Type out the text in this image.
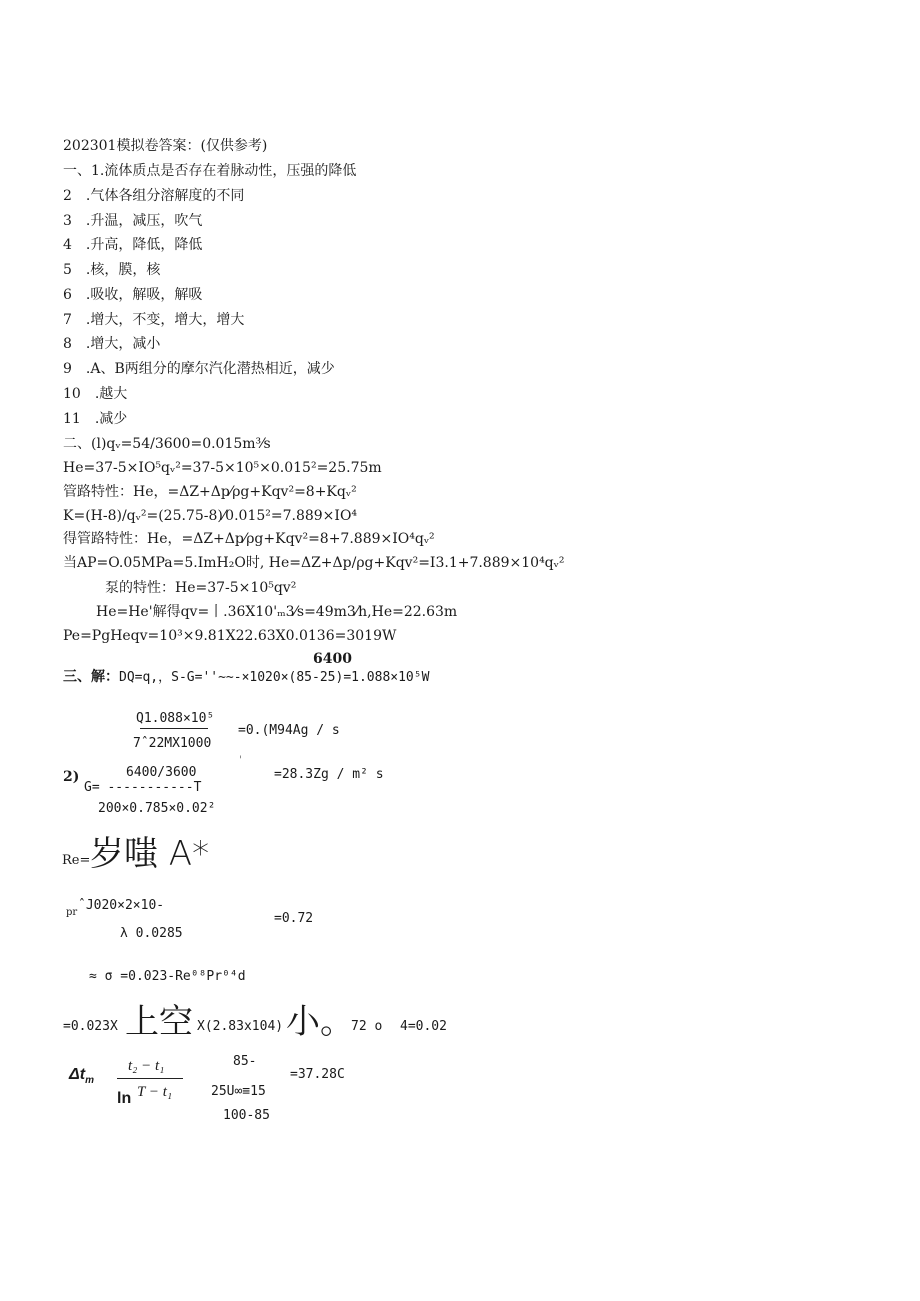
202301模拟卷答案：(仅供参考)
一、1.流体质点是否存在着脉动性，压强的降低
2　.气体各组分溶解度的不同
3　.升温，减压，吹气
4　.升高，降低，降低
5　.核，膜，核
6　.吸收，解吸，解吸
7　.增大，不变，增大，增大
8　.增大，减小
9　.A、B两组分的摩尔汽化潜热相近，减少
10　.越大
11　.减少
二、(l)qᵥ=54/3600=0.015m³⁄s
He=37-5×IO⁵qᵥ²=37-5×10⁵×0.015²=25.75m
管路特性：He，=ΔZ+Δp⁄ρg+Kqv²=8+Kqᵥ²
K=(H-8)/qᵥ²=(25.75-8)⁄0.015²=7.889×IO⁴
得管路特性：He，=ΔZ+Δp⁄ρg+Kqv²=8+7.889×IO⁴qᵥ²
当AP=O.05MPa=5.ImH₂O时, He=ΔZ+Δp/ρg+Kqv²=I3.1+7.889×10⁴qᵥ²
泵的特性：He=37-5×10⁵qv²
He=He'解得qv=丨.36X10'ₘ3⁄s=49m3⁄h,He=22.63m
Pe=PgHeqv=10³×9.81X22.63X0.0136=3019W
6400
三、解：DQ=q,，S-G=''~~-×1020×(85-25)=1.088×10⁵W
Q1.088×10⁵
=0.(M94Ag / s
7ˆ22MX1000
'
6400/3600
2)	=28.3Zg / m² s
G= -----------T
200×0.785×0.02²
Re= 岁嗤 A*
pr ˆJ020×2×10-
=0.72
λ 0.0285
≈ σ =0.023-Re⁰⁸Pr⁰⁴d
=0.023X 上空 X(2.83x104) 小。
72 o 4=0.02
$\Delta t_m$
t₂ − t₁
ln T − t₁
85-
=37.28C
25U∞≡15
100-85
